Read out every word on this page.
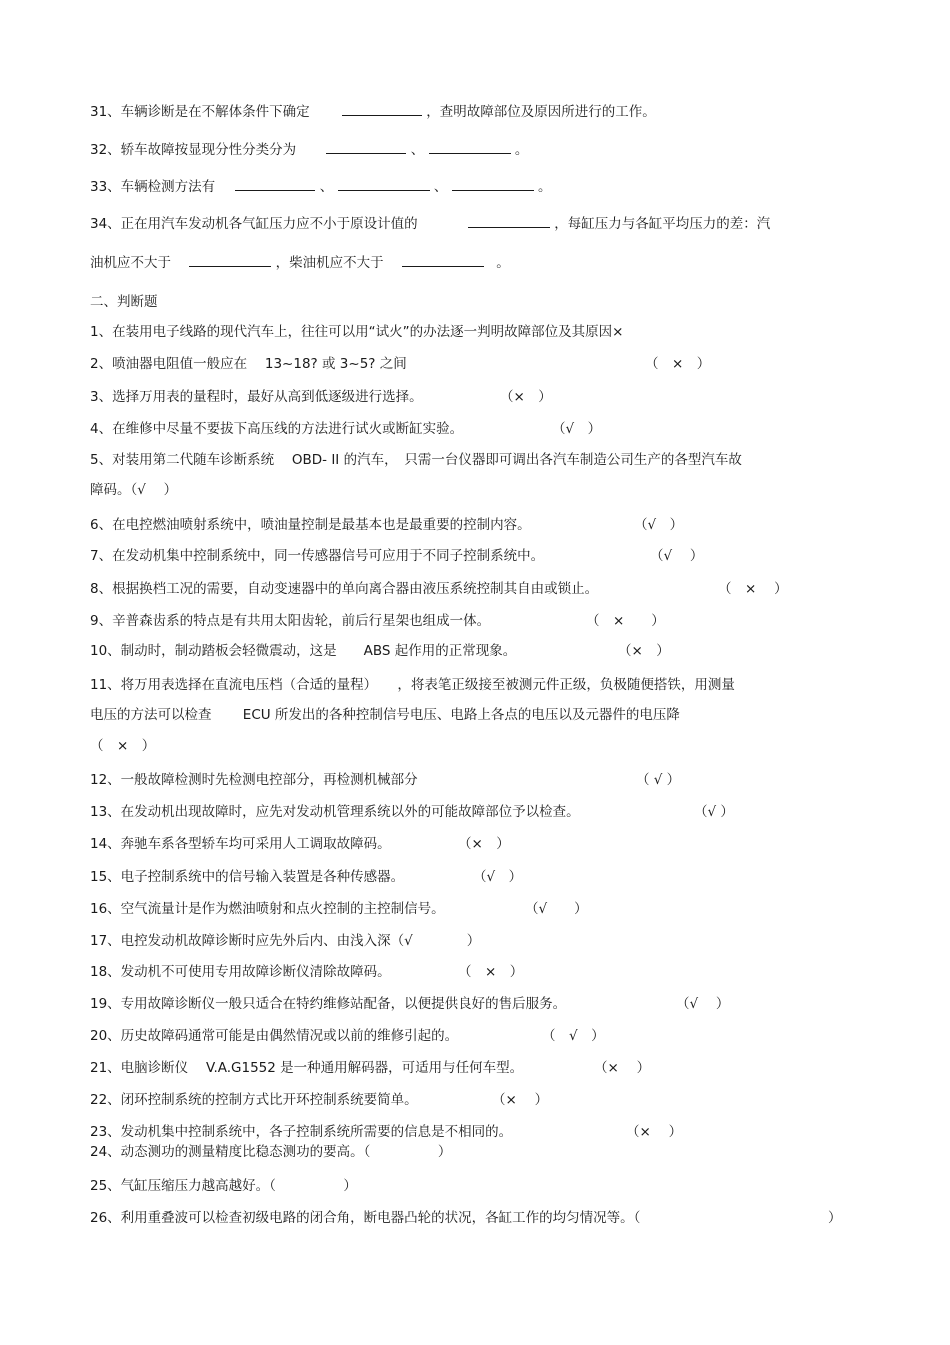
31、车辆诊断是在不解体条件下确定	，查明故障部位及原因所进行的工作。
32、轿车故障按显现分性分类分为	、	。
33、车辆检测方法有	、	、	。
34、正在用汽车发动机各气缸压力应不小于原设计值的	，每缸压力与各缸平均压力的差：汽
油机应不大于	，柴油机应不大于	。
二、判断题
1、在装用电子线路的现代汽车上，往往可以用“试火”的办法逐一判明故障部位及其原因×
2、喷油器电阻值一般应在　 13~18? 或 3~5? 之间	（　×　）
3、选择万用表的量程时，最好从高到低逐级进行选择。	（×　）
4、在维修中尽量不要拔下高压线的方法进行试火或断缸实验。	（√　）
5、对装用第二代随车诊断系统　 OBD- II 的汽车，　只需一台仪器即可调出各汽车制造公司生产的各型汽车故
障码。（√　 ）
6、在电控燃油喷射系统中，喷油量控制是最基本也是最重要的控制内容。	（√　）
7、在发动机集中控制系统中，同一传感器信号可应用于不同子控制系统中。	（√　 ）
8、根据换档工况的需要，自动变速器中的单向离合器由液压系统控制其自由或锁止。	（　×　 ）
9、辛普森齿系的特点是有共用太阳齿轮，前后行星架也组成一体。	（　×　　）
10、制动时，制动踏板会轻微震动，这是　　ABS 起作用的正常现象。	（×　）
11、将万用表选择在直流电压档（合适的量程）　　，将表笔正级接至被测元件正级，负极随便搭铁，用测量
电压的方法可以检查　　 ECU 所发出的各种控制信号电压、电路上各点的电压以及元器件的电压降
（　×　）
12、一般故障检测时先检测电控部分，再检测机械部分	（ √ ）
13、在发动机出现故障时，应先对发动机管理系统以外的可能故障部位予以检查。	（√ ）
14、奔驰车系各型轿车均可采用人工调取故障码。	（×　）
15、电子控制系统中的信号输入装置是各种传感器。	（√　）
16、空气流量计是作为燃油喷射和点火控制的主控制信号。	（√　　）
17、电控发动机故障诊断时应先外后内、由浅入深（√　　　　）
18、发动机不可使用专用故障诊断仪清除故障码。	（　×　）
19、专用故障诊断仪一般只适合在特约维修站配备，以便提供良好的售后服务。	（√　 ）
20、历史故障码通常可能是由偶然情况或以前的维修引起的。	（　√　）
21、电脑诊断仪　 V.A.G1552 是一种通用解码器，可适用与任何车型。	（×　 ）
22、闭环控制系统的控制方式比开环控制系统要简单。	（×　 ）
23、发动机集中控制系统中，各子控制系统所需要的信息是不相同的。	（×　 ）
24、动态测功的测量精度比稳态测功的要高。（　　　　　）
25、气缸压缩压力越高越好。（　　　　　）
26、利用重叠波可以检查初级电路的闭合角，断电器凸轮的状况，各缸工作的均匀情况等。（	）
